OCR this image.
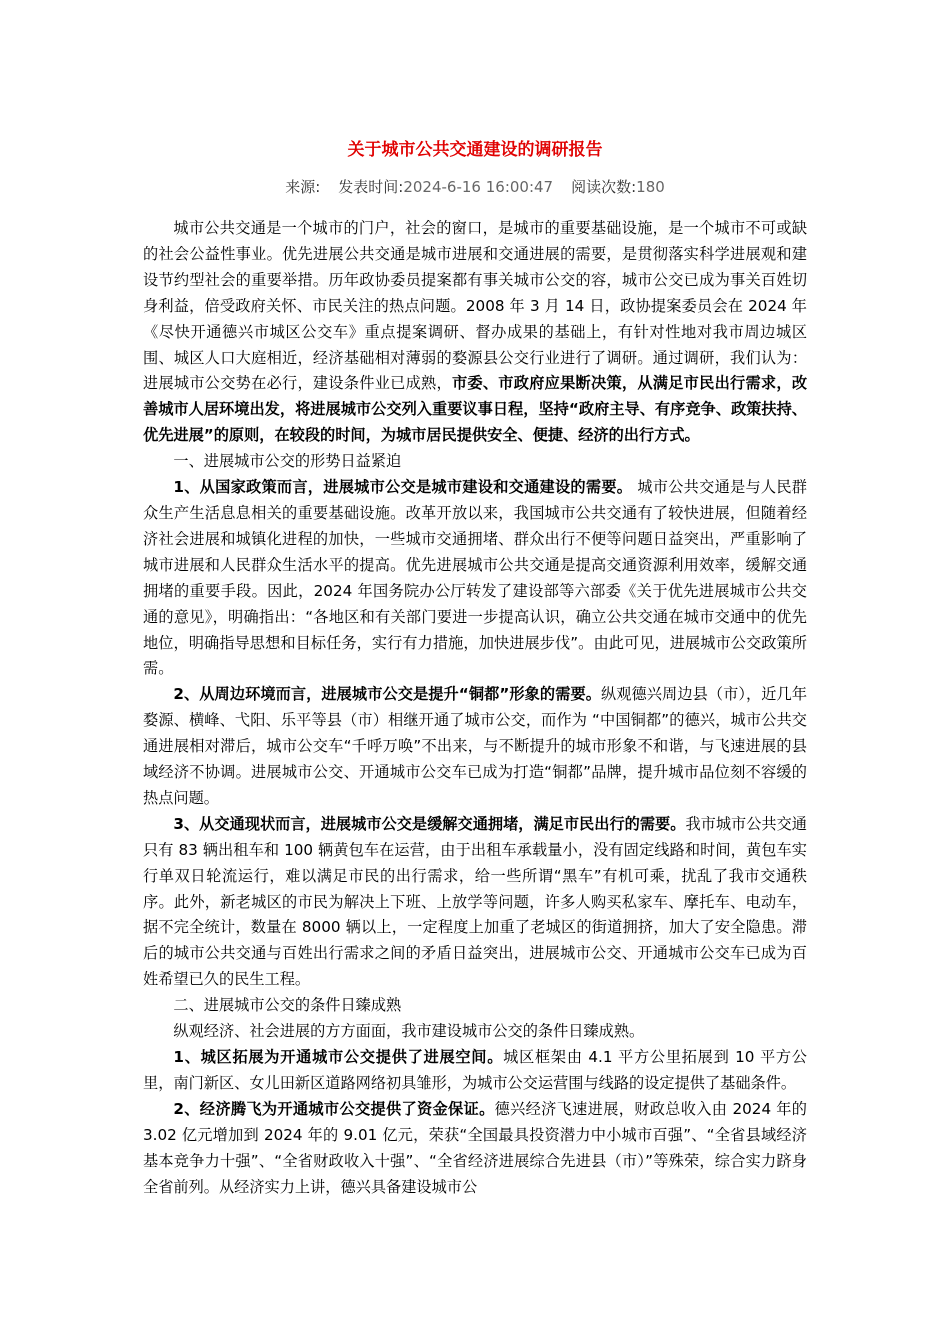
关于城市公共交通建设的调研报告
来源: 发表时间:2024-6-16 16:00:47 阅读次数:180

城市公共交通是一个城市的门户，社会的窗口，是城市的重要基础设施，是一个城市不可或缺的社会公益性事业。优先进展公共交通是城市进展和交通进展的需要，是贯彻落实科学进展观和建设节约型社会的重要举措。历年政协委员提案都有事关城市公交的容，城市公交已成为事关百姓切身利益，倍受政府关怀、市民关注的热点问题。2008 年 3 月 14 日，政协提案委员会在 2024 年《尽快开通德兴市城区公交车》重点提案调研、督办成果的基础上，有针对性地对我市周边城区围、城区人口大庭相近，经济基础相对薄弱的婺源县公交行业进行了调研。通过调研，我们认为：进展城市公交势在必行，建设条件业已成熟，市委、市政府应果断决策，从满足市民出行需求，改善城市人居环境出发，将进展城市公交列入重要议事日程，坚持“政府主导、有序竞争、政策扶持、优先进展”的原则，在较段的时间，为城市居民提供安全、便捷、经济的出行方式。

一、进展城市公交的形势日益紧迫

1、从国家政策而言，进展城市公交是城市建设和交通建设的需要。 城市公共交通是与人民群众生产生活息息相关的重要基础设施。改革开放以来，我国城市公共交通有了较快进展，但随着经济社会进展和城镇化进程的加快，一些城市交通拥堵、群众出行不便等问题日益突出，严重影响了城市进展和人民群众生活水平的提高。优先进展城市公共交通是提高交通资源利用效率，缓解交通拥堵的重要手段。因此，2024 年国务院办公厅转发了建设部等六部委《关于优先进展城市公共交通的意见》，明确指出：“各地区和有关部门要进一步提高认识，确立公共交通在城市交通中的优先地位，明确指导思想和目标任务，实行有力措施，加快进展步伐”。由此可见，进展城市公交政策所需。

2、从周边环境而言，进展城市公交是提升“铜都”形象的需要。纵观德兴周边县（市），近几年婺源、横峰、弋阳、乐平等县（市）相继开通了城市公交，而作为 “中国铜都”的德兴，城市公共交通进展相对滞后，城市公交车“千呼万唤”不出来，与不断提升的城市形象不和谐，与飞速进展的县域经济不协调。进展城市公交、开通城市公交车已成为打造“铜都”品牌，提升城市品位刻不容缓的热点问题。

3、从交通现状而言，进展城市公交是缓解交通拥堵，满足市民出行的需要。我市城市公共交通只有 83 辆出租车和 100 辆黄包车在运营，由于出租车承载量小，没有固定线路和时间，黄包车实行单双日轮流运行，难以满足市民的出行需求，给一些所谓“黑车”有机可乘，扰乱了我市交通秩序。此外，新老城区的市民为解决上下班、上放学等问题，许多人购买私家车、摩托车、电动车，据不完全统计，数量在 8000 辆以上，一定程度上加重了老城区的街道拥挤，加大了安全隐患。滞后的城市公共交通与百姓出行需求之间的矛盾日益突出，进展城市公交、开通城市公交车已成为百姓希望已久的民生工程。

二、进展城市公交的条件日臻成熟

纵观经济、社会进展的方方面面，我市建设城市公交的条件日臻成熟。

1、城区拓展为开通城市公交提供了进展空间。城区框架由 4.1 平方公里拓展到 10 平方公里，南门新区、女儿田新区道路网络初具雏形，为城市公交运营围与线路的设定提供了基础条件。

2、经济腾飞为开通城市公交提供了资金保证。德兴经济飞速进展，财政总收入由 2024 年的 3.02 亿元增加到 2024 年的 9.01 亿元，荣获“全国最具投资潜力中小城市百强”、“全省县域经济基本竞争力十强”、“全省财政收入十强”、“全省经济进展综合先进县（市）”等殊荣，综合实力跻身全省前列。从经济实力上讲，德兴具备建设城市公
